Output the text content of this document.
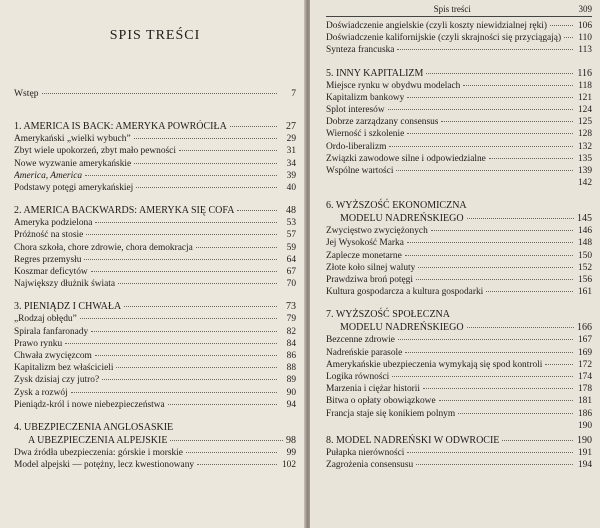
SPIS TREŚCI
Wstęp	7
1. AMERICA IS BACK: AMERYKA POWRÓCIŁA	27
Amerykański „wielki wybuch”	29
Zbyt wiele upokorzeń, zbyt mało pewności	31
Nowe wyzwanie amerykańskie	34
America, America	39
Podstawy potęgi amerykańskiej	40
2. AMERICA BACKWARDS: AMERYKA SIĘ COFA	48
Ameryka podzielona	53
Próżność na stosie	57
Chora szkoła, chore zdrowie, chora demokracja	59
Regres przemysłu	64
Koszmar deficytów	67
Największy dłużnik świata	70
3. PIENIĄDZ I CHWAŁA	73
„Rodzaj obłędu”	79
Spirala fanfaronady	82
Prawo rynku	84
Chwała zwycięzcom	86
Kapitalizm bez właścicieli	88
Zysk dzisiaj czy jutro?	89
Zysk a rozwój	90
Pieniądz-król i nowe niebezpieczeństwa	94
4. UBEZPIECZENIA ANGLOSASKIE
A UBEZPIECZENIA ALPEJSKIE	98
Dwa źródła ubezpieczenia: górskie i morskie	99
Model alpejski — potężny, lecz kwestionowany	102
Spis treści	309
Doświadczenie angielskie (czyli koszty niewidzialnej ręki)	106
Doświadczenie kalifornijskie (czyli skrajności się przyciągają) 110
Synteza francuska	113
5. INNY KAPITALIZM	116
Miejsce rynku w obydwu modelach	118
Kapitalizm bankowy	121
Splot interesów	124
Dobrze zarządzany consensus	125
Wierność i szkolenie	128
Ordo-liberalizm	132
Związki zawodowe silne i odpowiedzialne	135
Wspólne wartości	139
142
6. WYŻSZOŚĆ EKONOMICZNA
MODELU NADREŃSKIEGO	145
Zwycięstwo zwyciężonych	146
Jej Wysokość Marka	148
Zaplecze monetarne	150
Złote koło silnej waluty	152
Prawdziwa broń potęgi	156
Kultura gospodarcza a kultura gospodarki	161
7. WYŻSZOŚĆ SPOŁECZNA
MODELU NADREŃSKIEGO	166
Bezcenne zdrowie	167
Nadreńskie parasole	169
Amerykańskie ubezpieczenia wymykają się spod kontroli	172
Logika równości	174
Marzenia i ciężar historii	178
Bitwa o opłaty obowiązkowe	181
Francja staje się konikiem polnym	186
190
8. MODEL NADREŃSKI W ODWROCIE	190
Pułapka nierówności	191
Zagrożenia consensusu	194
